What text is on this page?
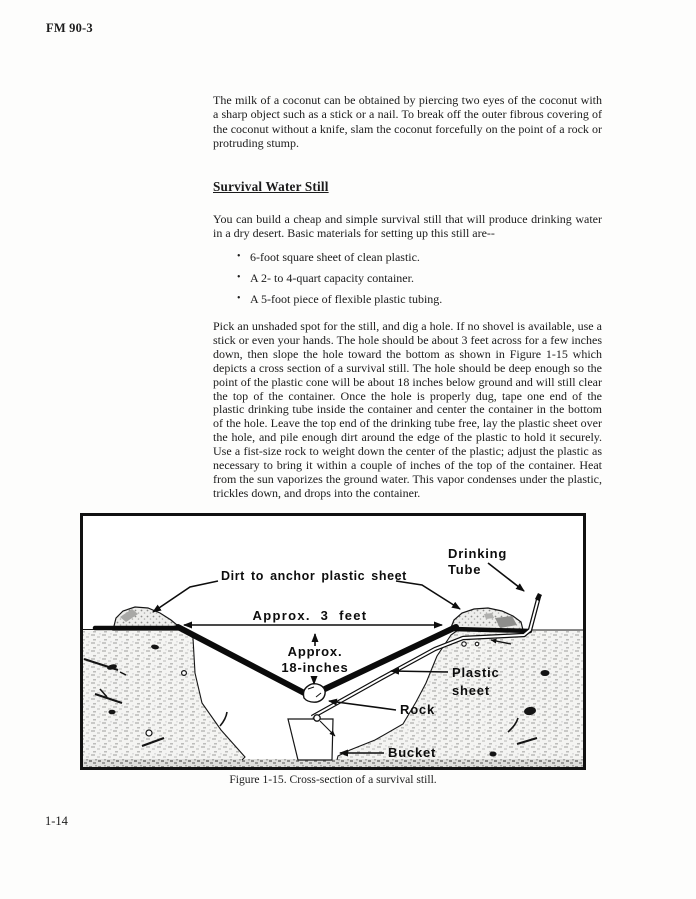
FM 90-3
The milk of a coconut can be obtained by piercing two eyes of the coconut with a sharp object such as a stick or a nail. To break off the outer fibrous covering of the coconut without a knife, slam the coconut forcefully on the point of a rock or protruding stump.
Survival Water Still
You can build a cheap and simple survival still that will produce drinking water in a dry desert. Basic materials for setting up this still are--
• 6-foot square sheet of clean plastic.
• A 2- to 4-quart capacity container.
• A 5-foot piece of flexible plastic tubing.
Pick an unshaded spot for the still, and dig a hole. If no shovel is available, use a stick or even your hands. The hole should be about 3 feet across for a few inches down, then slope the hole toward the bottom as shown in Figure 1-15 which depicts a cross section of a survival still. The hole should be deep enough so the point of the plastic cone will be about 18 inches below ground and will still clear the top of the container. Once the hole is properly dug, tape one end of the plastic drinking tube inside the container and center the container in the bottom of the hole. Leave the top end of the drinking tube free, lay the plastic sheet over the hole, and pile enough dirt around the edge of the plastic to hold it securely. Use a fist-size rock to weight down the center of the plastic; adjust the plastic as necessary to bring it within a couple of inches of the top of the container. Heat from the sun vaporizes the ground water. This vapor condenses under the plastic, trickles down, and drops into the container.
Dirt to anchor plastic sheet
Drinking
Tube
Approx. 3 feet
Approx.
18-inches	Plastic
sheet
Rock
Bucket
Figure 1-15. Cross-section of a survival still.
1-14
